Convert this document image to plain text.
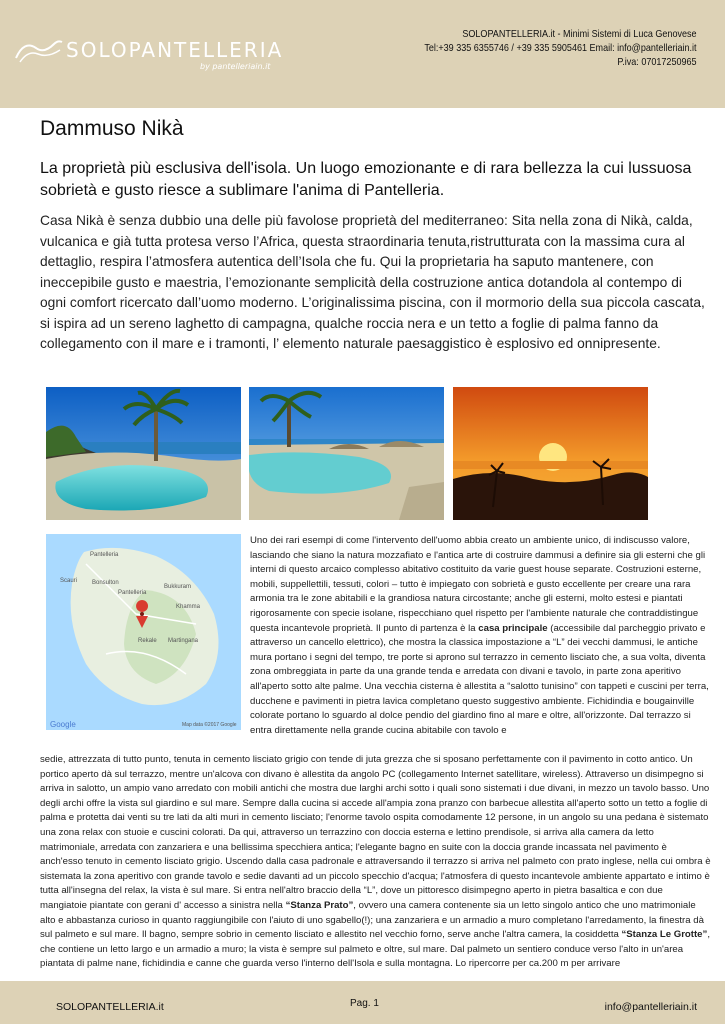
SOLOPANTELLERIA
by pantelleriain.it
SOLOPANTELLERIA.it - Minimi Sistemi di Luca Genovese
Tel:+39 335 6355746 / +39 335 5905461 Email: info@pantelleriain.it
P.iva: 07017250965
Dammuso Nikà
La proprietà più esclusiva dell'isola. Un luogo emozionante e di rara bellezza la cui lussuosa sobrietà e gusto riesce a sublimare l'anima di Pantelleria.
Casa Nikà è senza dubbio una delle più favolose proprietà del mediterraneo: Sita nella zona di Nikà, calda, vulcanica e già tutta protesa verso l’Africa, questa straordinaria tenuta,ristrutturata con la massima cura al dettaglio, respira l’atmosfera autentica dell’Isola che fu. Qui la proprietaria ha saputo mantenere, con ineccepibile gusto e maestria, l’emozionante semplicità della costruzione antica dotandola al contempo di ogni comfort ricercato dall’uomo moderno. L’originalissima piscina, con il mormorio della sua piccola cascata, si ispira ad un sereno laghetto di campagna, qualche roccia nera e un tetto a foglie di palma fanno da collegamento con il mare e i tramonti, l’ elemento naturale paesaggistico è esplosivo ed onnipresente.
Pantelleria
Scauri Bonsulton
Pantelleria
Bukkuram
Rekale Martingana
Khamma
Google	Map data ©2017 Google
Uno dei rari esempi di come l'intervento dell'uomo abbia creato un ambiente unico, di indiscusso valore, lasciando che siano la natura mozzafiato e l'antica arte di costruire dammusi a definire sia gli esterni che gli interni di questo arcaico complesso abitativo costituito da varie guest house separate. Costruzioni esterne, mobili, suppellettili, tessuti, colori – tutto è impiegato con sobrietà e gusto eccellente per creare una rara armonia tra le zone abitabili e la grandiosa natura circostante; anche gli esterni, molto estesi e piantati rigorosamente con specie isolane, rispecchiano quel rispetto per l'ambiente naturale che contraddistingue questa incantevole proprietà. Il punto di partenza è la casa principale (accessibile dal parcheggio privato e attraverso un cancello elettrico), che mostra la classica impostazione a “L” dei vecchi dammusi, le antiche mura portano i segni del tempo, tre porte si aprono sul terrazzo in cemento lisciato che, a sua volta, diventa zona ombreggiata in parte da una grande tenda e arredata con divani e tavolo, in parte zona aperitivo all'aperto sotto alte palme. Una vecchia cisterna è allestita a “salotto tunisino” con tappeti e cuscini per terra, ducchene e pavimenti in pietra lavica completano questo suggestivo ambiente. Fichidindia e bougainville colorate portano lo sguardo al dolce pendio del giardino fino al mare e oltre, all'orizzonte. Dal terrazzo si entra direttamente nella grande cucina abitabile con tavolo e
sedie, attrezzata di tutto punto, tenuta in cemento lisciato grigio con tende di juta grezza che si sposano perfettamente con il pavimento in cotto antico. Un portico aperto dà sul terrazzo, mentre un'alcova con divano è allestita da angolo PC (collegamento Internet satellitare, wireless). Attraverso un disimpegno si arriva in salotto, un ampio vano arredato con mobili antichi che mostra due larghi archi sotto i quali sono sistemati i due divani, in mezzo un tavolo basso. Uno degli archi offre la vista sul giardino e sul mare. Sempre dalla cucina si accede all'ampia zona pranzo con barbecue allestita all'aperto sotto un tetto a foglie di palma e protetta dai venti su tre lati da alti muri in cemento lisciato; l'enorme tavolo ospita comodamente 12 persone, in un angolo su una pedana è sistemato una zona relax con stuoie e cuscini colorati. Da qui, attraverso un terrazzino con doccia esterna e lettino prendisole, si arriva alla camera da letto matrimoniale, arredata con zanzariera e una bellissima specchiera antica; l'elegante bagno en suite con la doccia grande incassata nel pavimento è anch'esso tenuto in cemento lisciato grigio. Uscendo dalla casa padronale e attraversando il terrazzo si arriva nel palmeto con prato inglese, nella cui ombra è sistemata la zona aperitivo con grande tavolo e sedie davanti ad un piccolo specchio d'acqua; l'atmosfera di questo incantevole ambiente appartato e intimo è tutta all'insegna del relax, la vista è sul mare. Si entra nell'altro braccio della “L”, dove un pittoresco disimpegno aperto in pietra basaltica e con due mangiatoie piantate con gerani d' accesso a sinistra nella “Stanza Prato”, ovvero una camera contenente sia un letto singolo antico che uno matrimoniale alto e abbastanza curioso in quanto raggiungibile con l'aiuto di uno sgabello(!); una zanzariera e un armadio a muro completano l'arredamento, la finestra dà sul palmeto e sul mare. Il bagno, sempre sobrio in cemento lisciato e allestito nel vecchio forno, serve anche l'altra camera, la cosiddetta “Stanza Le Grotte”, che contiene un letto largo e un armadio a muro; la vista è sempre sul palmeto e oltre, sul mare. Dal palmeto un sentiero conduce verso l'alto in un'area piantata di palme nane, fichidindia e canne che guarda verso l'interno dell'Isola e sulla montagna. Lo ripercorre per ca.200 m per arrivare
SOLOPANTELLERIA.it	Pag. 1	info@pantelleriain.it
